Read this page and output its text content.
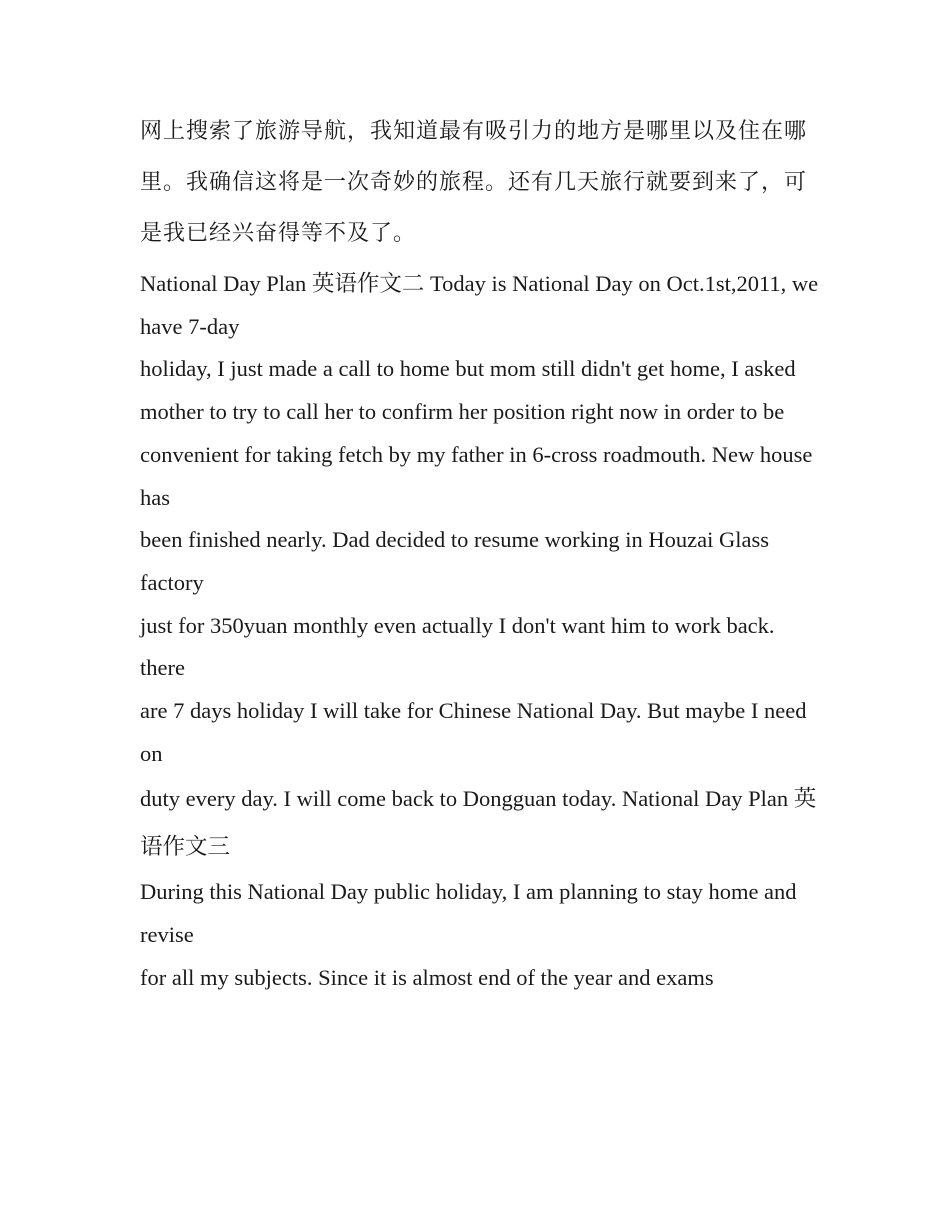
网上搜索了旅游导航，我知道最有吸引力的地方是哪里以及住在哪里。我确信这将是一次奇妙的旅程。还有几天旅行就要到来了，可是我已经兴奋得等不及了。

National Day Plan 英语作文二 Today is National Day on Oct.1st,2011, we have 7-day
holiday, I just made a call to home but mom still didn't get home, I asked
mother to try to call her to confirm her position right now in order to be
convenient for taking fetch by my father in 6-cross roadmouth. New house has
been finished nearly. Dad decided to resume working in Houzai Glass factory
just for 350yuan monthly even actually I don't want him to work back. there
are 7 days holiday I will take for Chinese National Day. But maybe I need on
duty every day. I will come back to Dongguan today. National Day Plan 英语作文三
During this National Day public holiday, I am planning to stay home and revise
for all my subjects. Since it is almost end of the year and exams
